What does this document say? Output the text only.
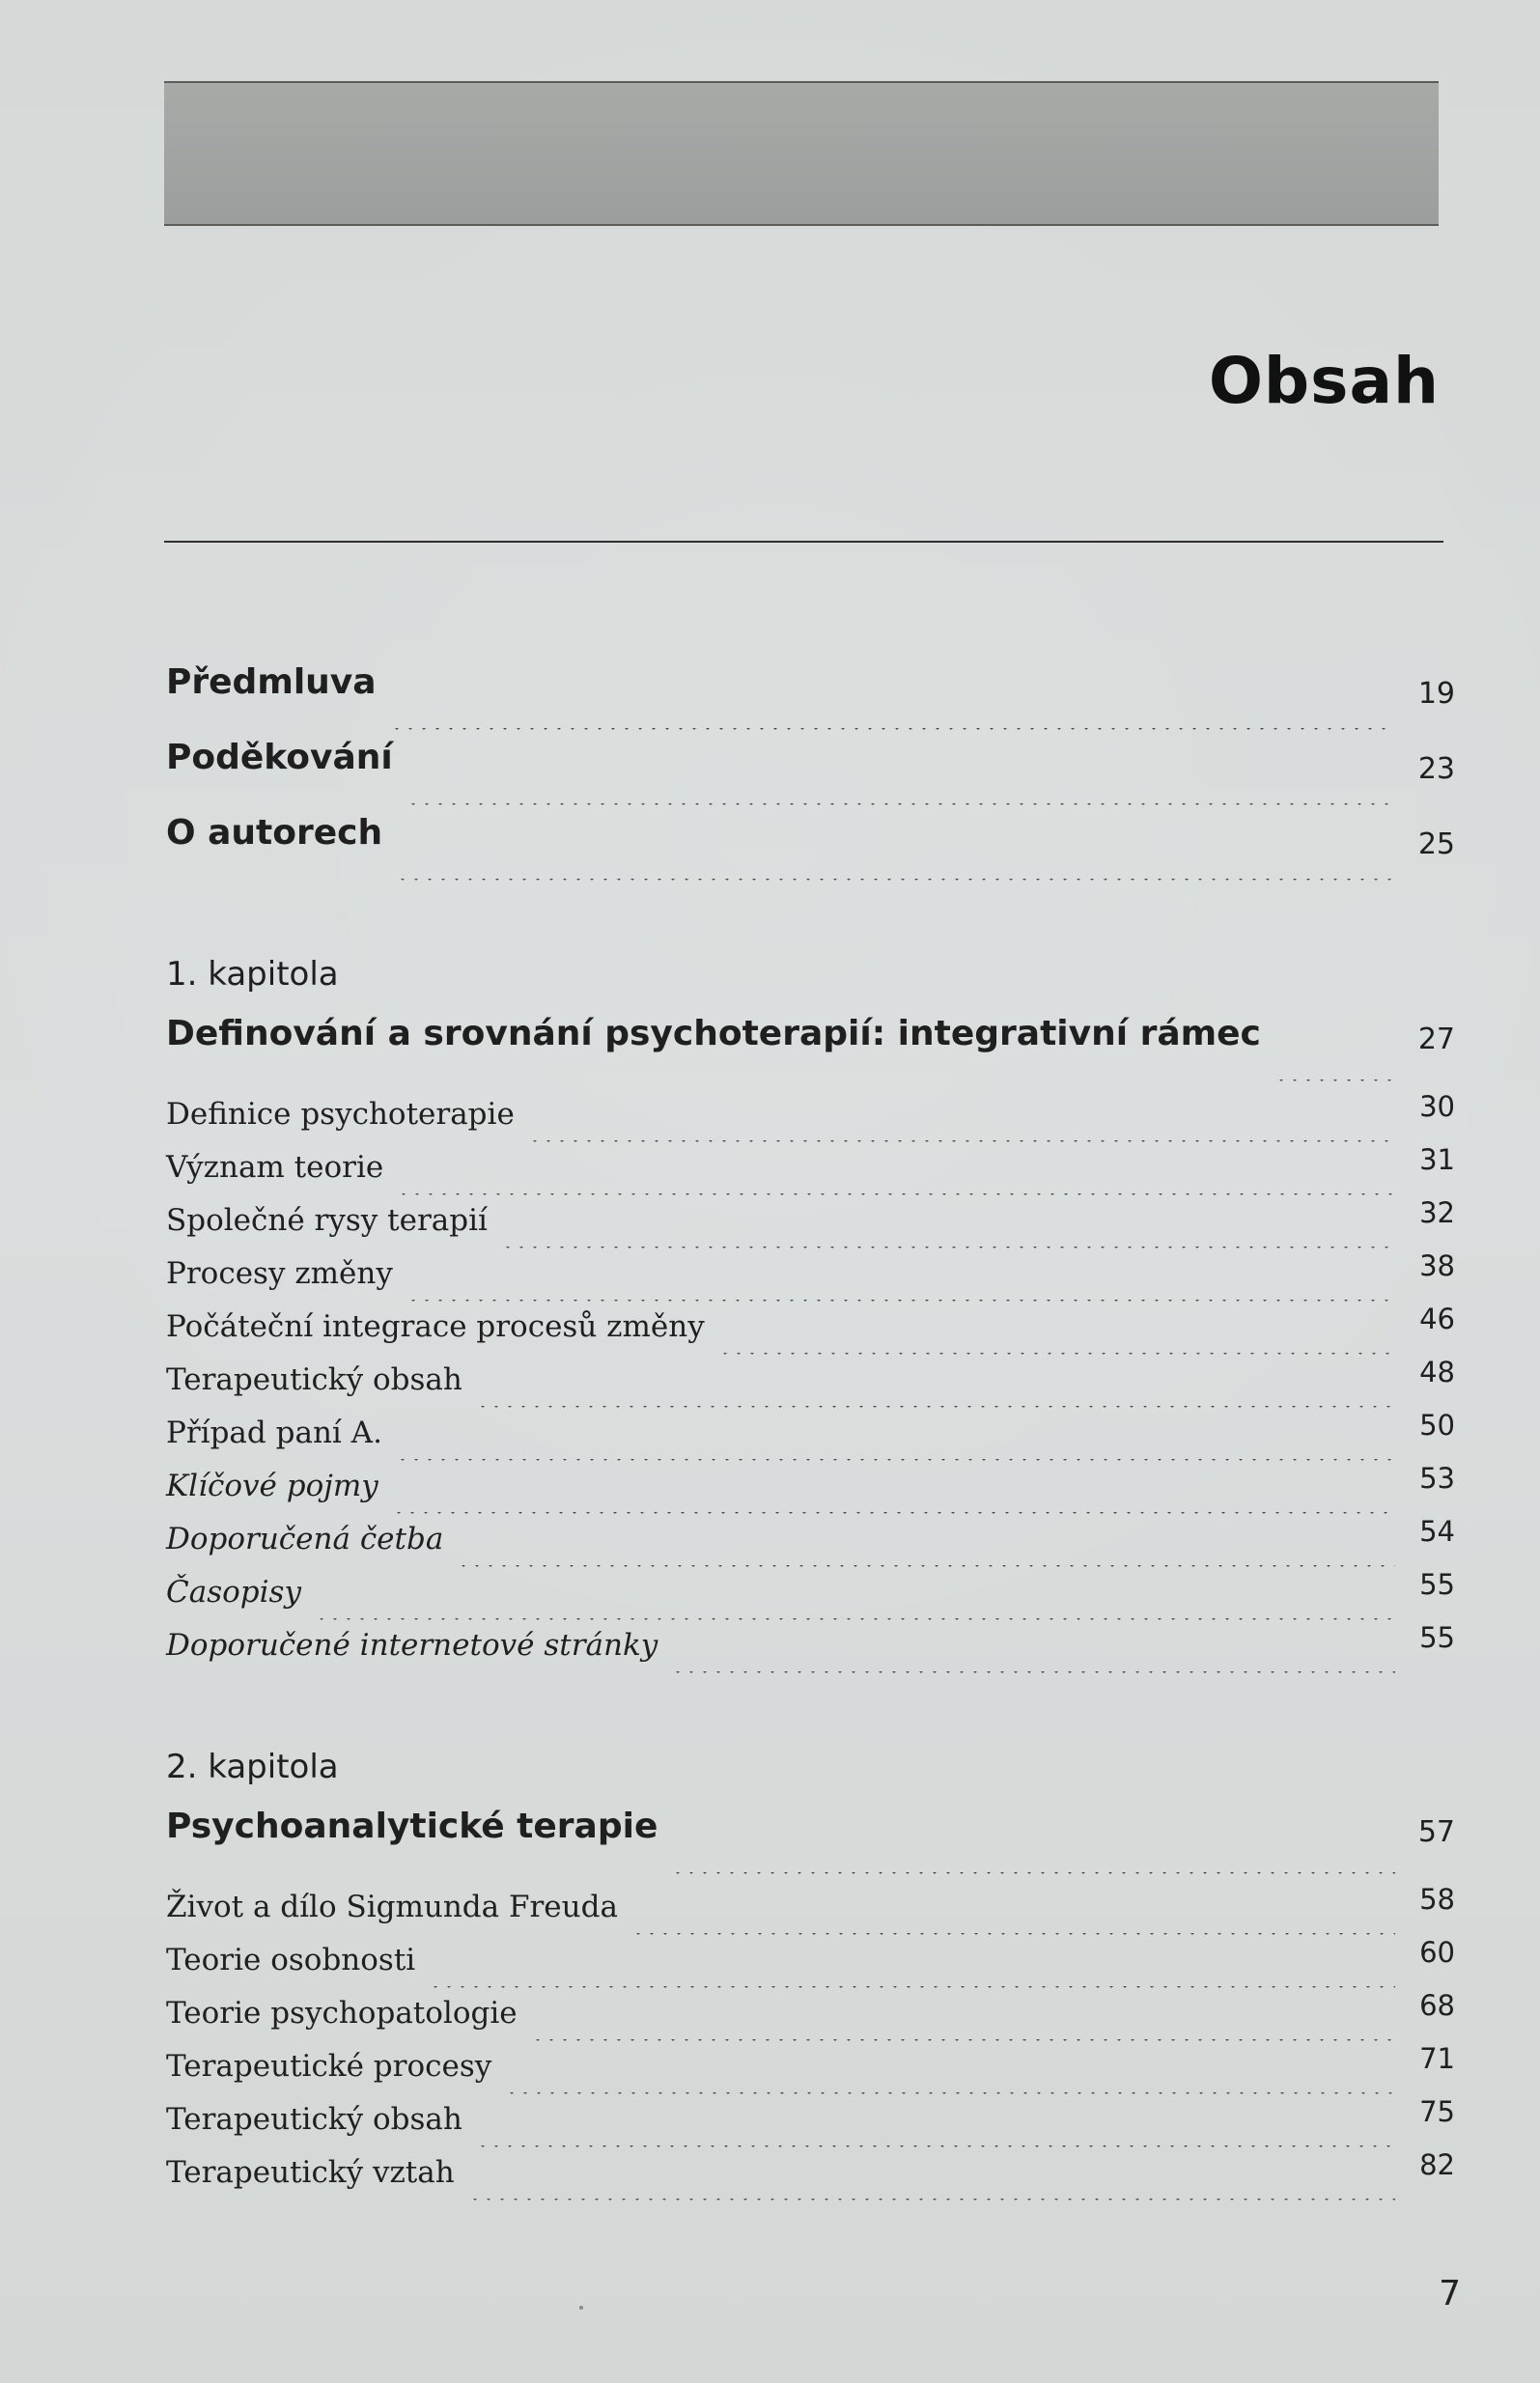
Obsah
Předmluva	19
Poděkování	23
O autorech	25
1. kapitola
Definování a srovnání psychoterapií: integrativní rámec	27
Definice psychoterapie	30
Význam teorie	31
Společné rysy terapií	32
Procesy změny	38
Počáteční integrace procesů změny	46
Terapeutický obsah	48
Případ paní A.	50
Klíčové pojmy	53
Doporučená četba	54
Časopisy	55
Doporučené internetové stránky	55
2. kapitola
Psychoanalytické terapie	57
Život a dílo Sigmunda Freuda	58
Teorie osobnosti	60
Teorie psychopatologie	68
Terapeutické procesy	71
Terapeutický obsah	75
Terapeutický vztah	82
7
